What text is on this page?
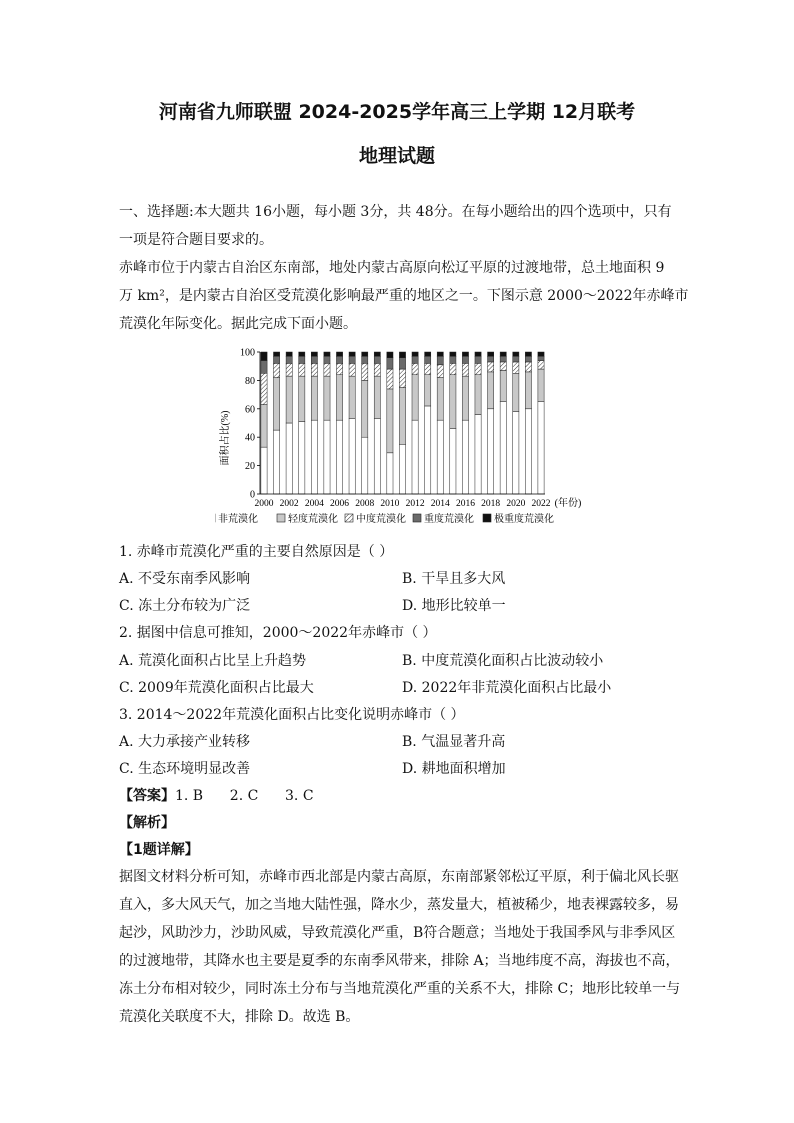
河南省九师联盟 2024-2025学年高三上学期 12月联考
地理试题
一、选择题:本大题共 16小题，每小题 3分，共 48分。在每小题给出的四个选项中，只有
一项是符合题目要求的。
赤峰市位于内蒙古自治区东南部，地处内蒙古高原向松辽平原的过渡地带，总土地面积 9
万 km²，是内蒙古自治区受荒漠化影响最严重的地区之一。下图示意 2000～2022年赤峰市
荒漠化年际变化。据此完成下面小题。
面积占比(%)
(年份)
0
20
40
60
80
100
2000 2002 2004 2006 2008 2010 2012 2014 2016 2018 2020 2022
非荒漠化	轻度荒漠化 中度荒漠化 重度荒漠化 极重度荒漠化
1. 赤峰市荒漠化严重的主要自然原因是（ ）
A. 不受东南季风影响	B. 干旱且多大风
C. 冻土分布较为广泛	D. 地形比较单一
2. 据图中信息可推知，2000～2022年赤峰市（ ）
A. 荒漠化面积占比呈上升趋势	B. 中度荒漠化面积占比波动较小
C. 2009年荒漠化面积占比最大	D. 2022年非荒漠化面积占比最小
3. 2014～2022年荒漠化面积占比变化说明赤峰市（ ）
A. 大力承接产业转移	B. 气温显著升高
C. 生态环境明显改善	D. 耕地面积增加
【答案】1. B      2. C      3. C
【解析】
【1题详解】
据图文材料分析可知，赤峰市西北部是内蒙古高原，东南部紧邻松辽平原，利于偏北风长驱
直入，多大风天气，加之当地大陆性强，降水少，蒸发量大，植被稀少，地表裸露较多，易
起沙，风助沙力，沙助风威，导致荒漠化严重，B符合题意；当地处于我国季风与非季风区
的过渡地带，其降水也主要是夏季的东南季风带来，排除 A；当地纬度不高，海拔也不高，
冻土分布相对较少，同时冻土分布与当地荒漠化严重的关系不大，排除 C；地形比较单一与
荒漠化关联度不大，排除 D。故选 B。
